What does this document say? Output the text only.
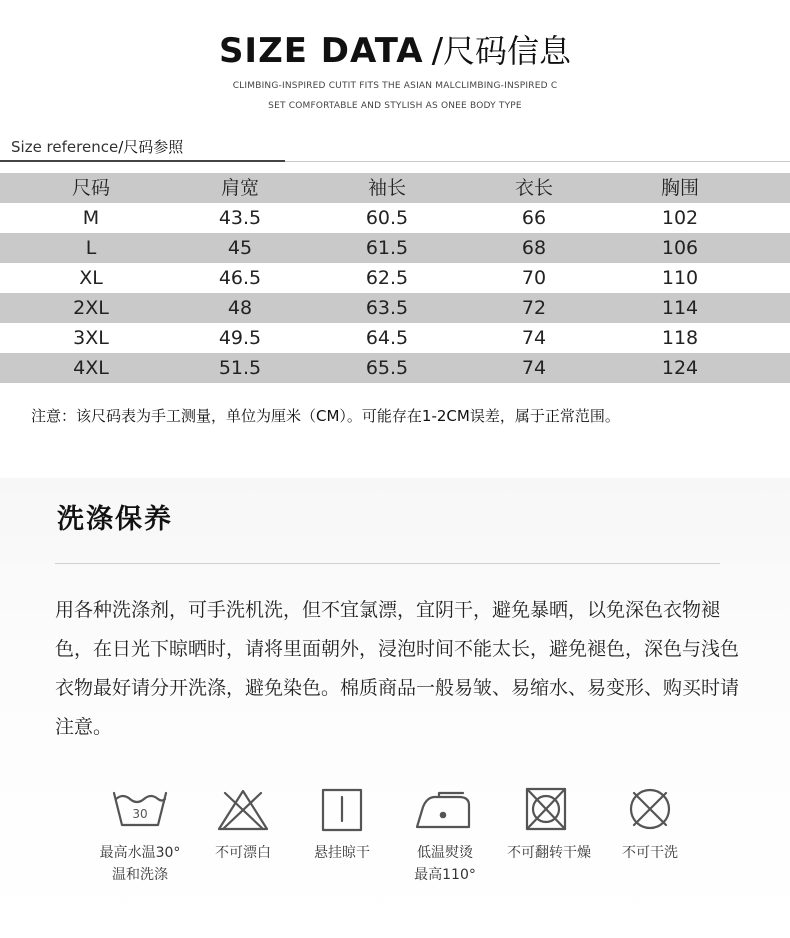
SIZE DATA /尺码信息
CLIMBING-INSPIRED CUTIT FITS THE ASIAN MALCLIMBING-INSPIRED C
SET COMFORTABLE AND STYLISH AS ONEE BODY TYPE
Size reference/尺码参照
尺码	肩宽	袖长	衣长	胸围
M	43.5	60.5	66	102
L	45	61.5	68	106
XL	46.5	62.5	70	110
2XL	48	63.5	72	114
3XL	49.5	64.5	74	118
4XL	51.5	65.5	74	124
注意：该尺码表为手工测量，单位为厘米（CM）。可能存在1-2CM误差，属于正常范围。
洗涤保养
用各种洗涤剂，可手洗机洗，但不宜氯漂，宜阴干，避免暴晒，以免深色衣物褪色，在日光下晾晒时，请将里面朝外，浸泡时间不能太长，避免褪色，深色与浅色衣物最好请分开洗涤，避免染色。棉质商品一般易皱、易缩水、易变形、购买时请注意。
30
最高水温30°
温和洗涤
不可漂白	悬挂晾干	低温熨烫
最高110°
不可翻转干燥	不可干洗
